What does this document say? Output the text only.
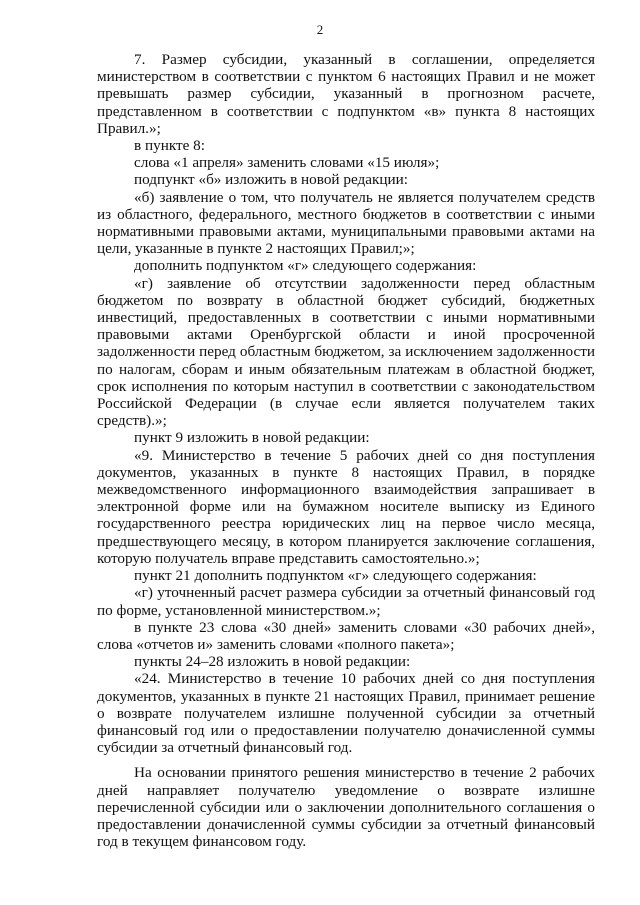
2

7. Размер субсидии, указанный в соглашении, определяется министерством в соответствии с пунктом 6 настоящих Правил и не может превышать размер субсидии, указанный в прогнозном расчете, представленном в соответствии с подпунктом «в» пункта 8 настоящих Правил.»;

в пункте 8:

слова «1 апреля» заменить словами «15 июля»;

подпункт «б» изложить в новой редакции:

«б) заявление о том, что получатель не является получателем средств из областного, федерального, местного бюджетов в соответствии с иными нормативными правовыми актами, муниципальными правовыми актами на цели, указанные в пункте 2 настоящих Правил;»;

дополнить подпунктом «г» следующего содержания:

«г) заявление об отсутствии задолженности перед областным бюджетом по возврату в областной бюджет субсидий, бюджетных инвестиций, предоставленных в соответствии с иными нормативными правовыми актами Оренбургской области и иной просроченной задолженности перед областным бюджетом, за исключением задолженности по налогам, сборам и иным обязательным платежам в областной бюджет, срок исполнения по которым наступил в соответствии с законодательством Российской Федерации (в случае если является получателем таких средств).»;

пункт 9 изложить в новой редакции:

«9. Министерство в течение 5 рабочих дней со дня поступления документов, указанных в пункте 8 настоящих Правил, в порядке межведомственного информационного взаимодействия запрашивает в электронной форме или на бумажном носителе выписку из Единого государственного реестра юридических лиц на первое число месяца, предшествующего месяцу, в котором планируется заключение соглашения, которую получатель вправе представить самостоятельно.»;

пункт 21 дополнить подпунктом «г» следующего содержания:

«г) уточненный расчет размера субсидии за отчетный финансовый год по форме, установленной министерством.»;

в пункте 23 слова «30 дней» заменить словами «30 рабочих дней», слова «отчетов и» заменить словами «полного пакета»;

пункты 24–28 изложить в новой редакции:

«24. Министерство в течение 10 рабочих дней со дня поступления документов, указанных в пункте 21 настоящих Правил, принимает решение о возврате получателем излишне полученной субсидии за отчетный финансовый год или о предоставлении получателю доначисленной суммы субсидии за отчетный финансовый год.

На основании принятого решения министерство в течение 2 рабочих дней направляет получателю уведомление о возврате излишне перечисленной субсидии или о заключении дополнительного соглашения о предоставлении доначисленной суммы субсидии за отчетный финансовый год в текущем финансовом году.
